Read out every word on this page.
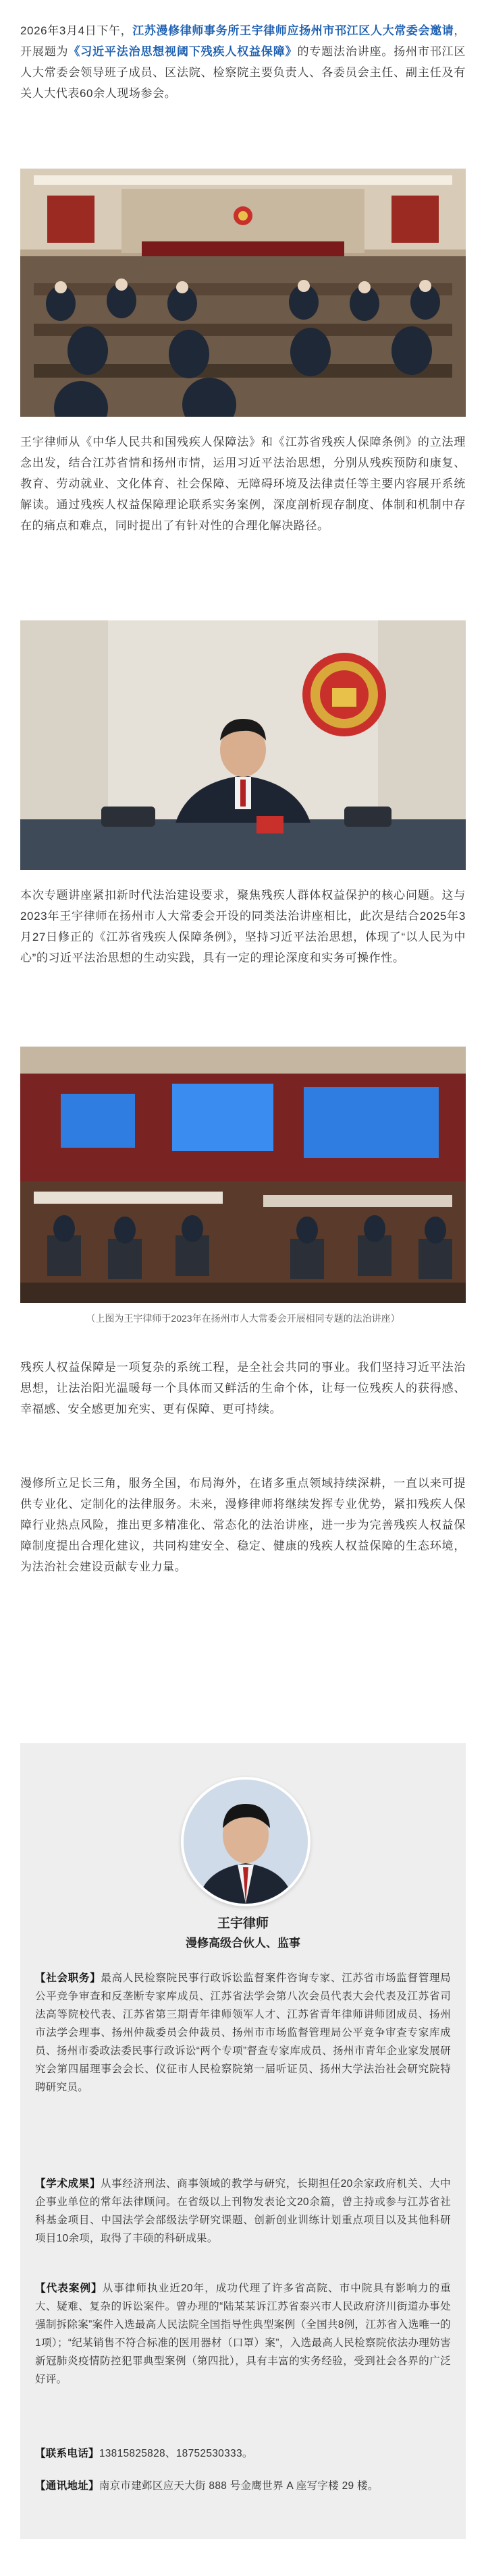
2026年3月4日下午，江苏漫修律师事务所王宇律师应扬州市邗江区人大常委会邀请，开展题为《习近平法治思想视阈下残疾人权益保障》的专题法治讲座。扬州市邗江区人大常委会领导班子成员、区法院、检察院主要负责人、各委员会主任、副主任及有关人大代表60余人现场参会。

王宇律师从《中华人民共和国残疾人保障法》和《江苏省残疾人保障条例》的立法理念出发，结合江苏省情和扬州市情，运用习近平法治思想，分别从残疾预防和康复、教育、劳动就业、文化体育、社会保障、无障碍环境及法律责任等主要内容展开系统解读。通过残疾人权益保障理论联系实务案例，深度剖析现存制度、体制和机制中存在的痛点和难点，同时提出了有针对性的合理化解决路径。

本次专题讲座紧扣新时代法治建设要求，聚焦残疾人群体权益保护的核心问题。这与2023年王宇律师在扬州市人大常委会开设的同类法治讲座相比，此次是结合2025年3月27日修正的《江苏省残疾人保障条例》，坚持习近平法治思想，体现了“以人民为中心”的习近平法治思想的生动实践，具有一定的理论深度和实务可操作性。

（上图为王宇律师于2023年在扬州市人大常委会开展相同专题的法治讲座）

残疾人权益保障是一项复杂的系统工程，是全社会共同的事业。我们坚持习近平法治思想，让法治阳光温暖每一个具体而又鲜活的生命个体，让每一位残疾人的获得感、幸福感、安全感更加充实、更有保障、更可持续。

漫修所立足长三角，服务全国，布局海外，在诸多重点领域持续深耕，一直以来可提供专业化、定制化的法律服务。未来，漫修律师将继续发挥专业优势，紧扣残疾人保障行业热点风险，推出更多精准化、常态化的法治讲座，进一步为完善残疾人权益保障制度提出合理化建议，共同构建安全、稳定、健康的残疾人权益保障的生态环境，为法治社会建设贡献专业力量。

王宇律师
漫修高级合伙人、监事

【社会职务】最高人民检察院民事行政诉讼监督案件咨询专家、江苏省市场监督管理局公平竞争审查和反垄断专家库成员、江苏省法学会第八次会员代表大会代表及江苏省司法高等院校代表、江苏省第三期青年律师领军人才、江苏省青年律师讲师团成员、扬州市法学会理事、扬州仲裁委员会仲裁员、扬州市市场监督管理局公平竞争审查专家库成员、扬州市委政法委民事行政诉讼“两个专项”督查专家库成员、扬州市青年企业家发展研究会第四届理事会会长、仪征市人民检察院第一届听证员、扬州大学法治社会研究院特聘研究员。

【学术成果】从事经济刑法、商事领域的教学与研究，长期担任20余家政府机关、大中企事业单位的常年法律顾问。在省级以上刊物发表论文20余篇，曾主持或参与江苏省社科基金项目、中国法学会部级法学研究课题、创新创业训练计划重点项目以及其他科研项目10余项，取得了丰硕的科研成果。

【代表案例】从事律师执业近20年，成功代理了许多省高院、市中院具有影响力的重大、疑难、复杂的诉讼案件。曾办理的“陆某某诉江苏省泰兴市人民政府济川街道办事处强制拆除案”案件入选最高人民法院全国指导性典型案例（全国共8例，江苏省入选唯一的1项）；“纪某销售不符合标准的医用器材（口罩）案”，入选最高人民检察院依法办理妨害新冠肺炎疫情防控犯罪典型案例（第四批），具有丰富的实务经验，受到社会各界的广泛好评。

【联系电话】13815825828、18752530333。

【通讯地址】南京市建邺区应天大街 888 号金鹰世界 A 座写字楼 29 楼。
